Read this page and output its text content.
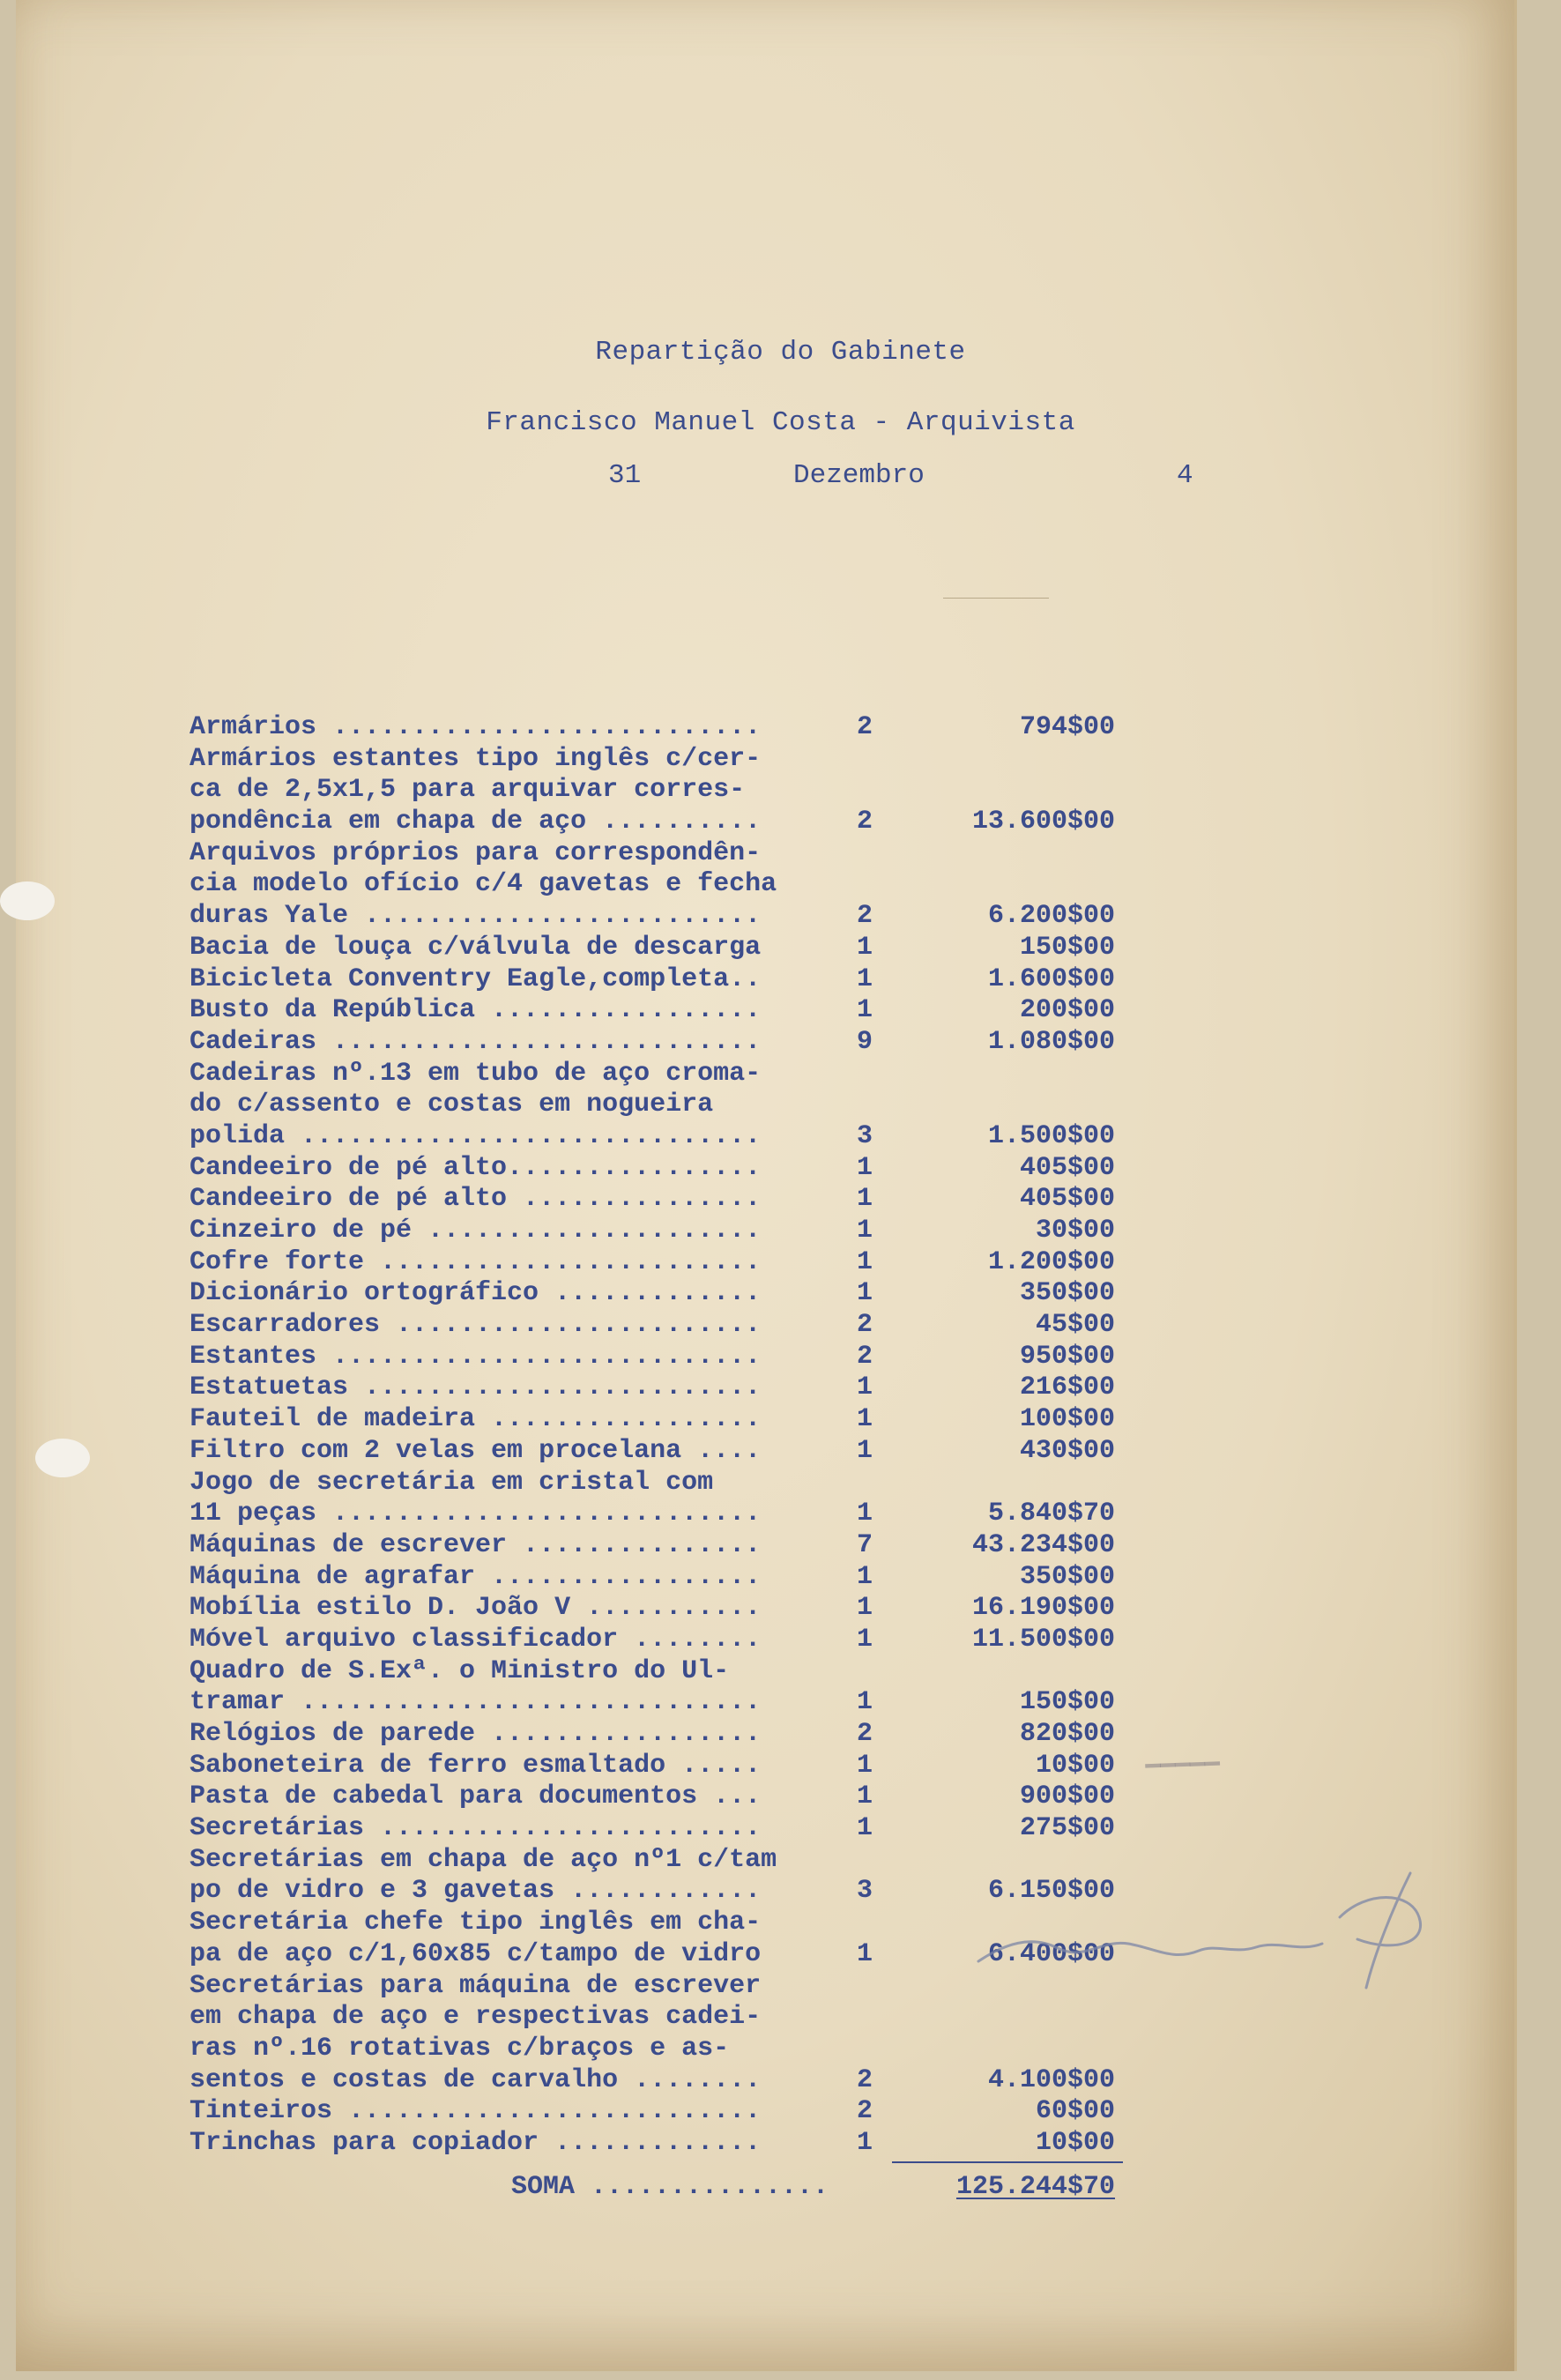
Repartição do Gabinete
Francisco Manuel Costa - Arquivista
31	Dezembro	4
Armários ...........................	2	794$00
Armários estantes tipo inglês c/cer-
ca de 2,5x1,5 para arquivar corres-
pondência em chapa de aço ..........	2	13.600$00
Arquivos próprios para correspondên-
cia modelo ofício c/4 gavetas e fecha
duras Yale .........................	2	6.200$00
Bacia de louça c/válvula de descarga	1	150$00
Bicicleta Conventry Eagle,completa..	1	1.600$00
Busto da República .................	1	200$00
Cadeiras ...........................	9	1.080$00
Cadeiras nº.13 em tubo de aço croma-
do c/assento e costas em nogueira
polida .............................	3	1.500$00
Candeeiro de pé alto................	1	405$00
Candeeiro de pé alto ...............	1	405$00
Cinzeiro de pé .....................	1	30$00
Cofre forte ........................	1	1.200$00
Dicionário ortográfico .............	1	350$00
Escarradores .......................	2	45$00
Estantes ...........................	2	950$00
Estatuetas .........................	1	216$00
Fauteil de madeira .................	1	100$00
Filtro com 2 velas em procelana ....	1	430$00
Jogo de secretária em cristal com
11 peças ...........................	1	5.840$70
Máquinas de escrever ...............	7	43.234$00
Máquina de agrafar .................	1	350$00
Mobília estilo D. João V ...........	1	16.190$00
Móvel arquivo classificador ........	1	11.500$00
Quadro de S.Exª. o Ministro do Ul-
tramar .............................	1	150$00
Relógios de parede .................	2	820$00
Saboneteira de ferro esmaltado .....	1	10$00
Pasta de cabedal para documentos ...	1	900$00
Secretárias ........................	1	275$00
Secretárias em chapa de aço nº1 c/tam
po de vidro e 3 gavetas ............	3	6.150$00
Secretária chefe tipo inglês em cha-
pa de aço c/1,60x85 c/tampo de vidro	1	6.400$00
Secretárias para máquina de escrever
em chapa de aço e respectivas cadei-
ras nº.16 rotativas c/braços e as-
sentos e costas de carvalho ........	2	4.100$00
Tinteiros ..........................	2	60$00
Trinchas para copiador .............	1	10$00
SOMA ...............	125.244$70
▔▔▔▔▔
